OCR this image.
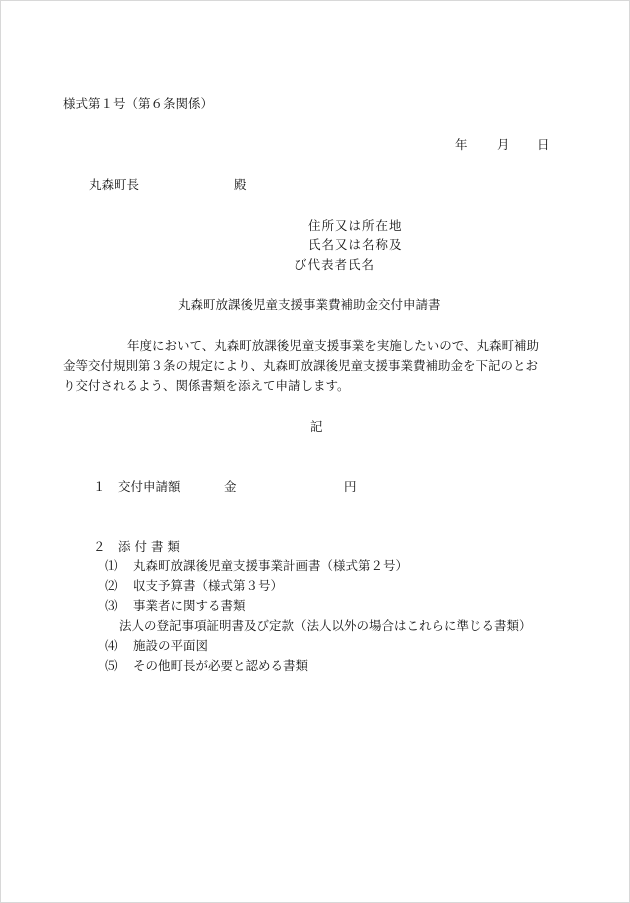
様式第１号（第６条関係）
年 月 日
丸森町長	殿
住所又は所在地
氏名又は名称及
び代表者氏名
丸森町放課後児童支援事業費補助金交付申請書
年度において、丸森町放課後児童支援事業を実施したいので、丸森町補助
金等交付規則第３条の規定により、丸森町放課後児童支援事業費補助金を下記のとお
り交付されるよう、関係書類を添えて申請します。
記
１ 交付申請額	金	円
２ 添 付 書 類
⑴ 丸森町放課後児童支援事業計画書（様式第２号）
⑵ 収支予算書（様式第３号）
⑶ 事業者に関する書類
法人の登記事項証明書及び定款（法人以外の場合はこれらに準じる書類）
⑷ 施設の平面図
⑸ その他町長が必要と認める書類
